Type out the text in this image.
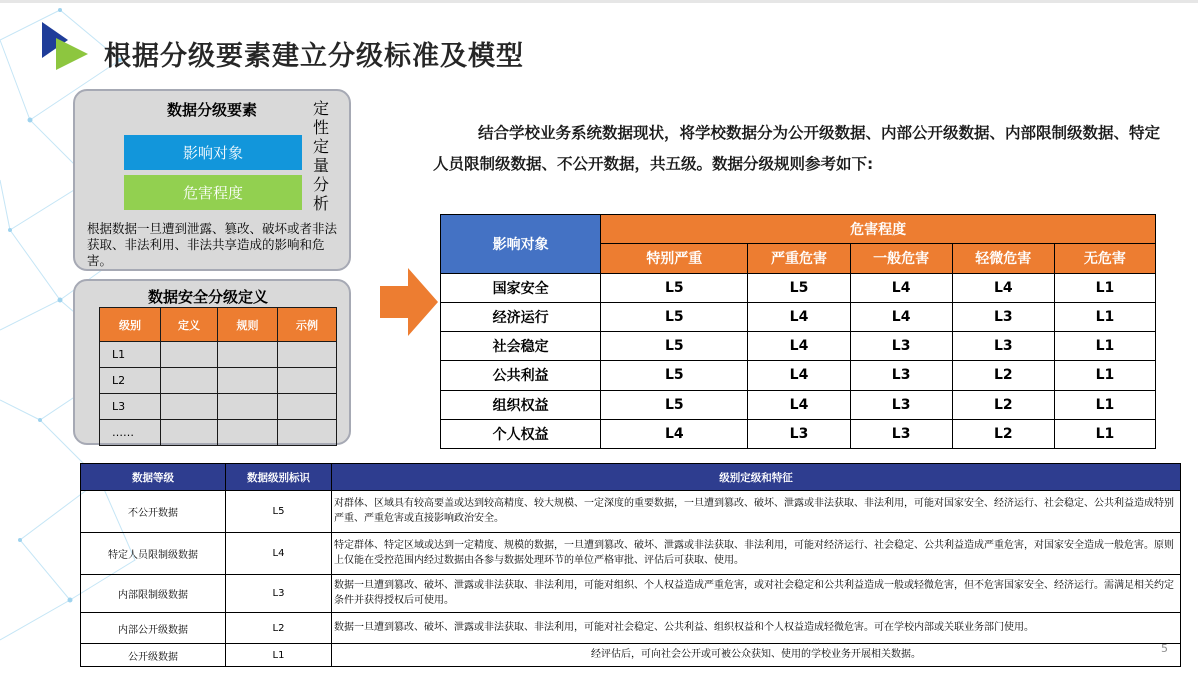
根据分级要素建立分级标准及模型
数据分级要素
影响对象
危害程度
定
性
定
量
分
析
根据数据一旦遭到泄露、篡改、破坏或者非法获取、非法利用、非法共享造成的影响和危害。
数据安全分级定义
级别	定义	规则	示例
L1			
L2			
L3			
……			
结合学校业务系统数据现状，将学校数据分为公开级数据、内部公开级数据、内部限制级数据、特定人员限制级数据、不公开数据，共五级。数据分级规则参考如下:
影响对象	危害程度				
	特别严重	严重危害	一般危害	轻微危害	无危害
国家安全	L5	L5	L4	L4	L1
经济运行	L5	L4	L4	L3	L1
社会稳定	L5	L4	L3	L3	L1
公共利益	L5	L4	L3	L2	L1
组织权益	L5	L4	L3	L2	L1
个人权益	L4	L3	L3	L2	L1
数据等级	数据级别标识	级别定级和特征
不公开数据	L5	对群体、区域具有较高要盖或达到较高精度、较大规模、一定深度的重要数据，一旦遭到篡改、破坏、泄露或非法获取、非法利用，可能对国家安全、经济运行、社会稳定、公共利益造成特别严重、严重危害或直接影响政治安全。
特定人员限制级数据	L4	特定群体、特定区域或达到一定精度、规模的数据，一旦遭到篡改、破坏、泄露或非法获取、非法利用，可能对经济运行、社会稳定、公共利益造成严重危害，对国家安全造成一般危害。原则上仅能在受控范围内经过数据由各参与数据处理环节的单位严格审批、评估后可获取、使用。
内部限制级数据	L3	数据一旦遭到篡改、破坏、泄露或非法获取、非法利用，可能对组织、个人权益造成严重危害，或对社会稳定和公共利益造成一般或轻微危害，但不危害国家安全、经济运行。需满足相关约定条件并获得授权后可使用。
内部公开级数据	L2	数据一旦遭到篡改、破坏、泄露或非法获取、非法利用，可能对社会稳定、公共利益、组织权益和个人权益造成轻微危害。可在学校内部或关联业务部门使用。
公开级数据	L1	经评估后，可向社会公开或可被公众获知、使用的学校业务开展相关数据。	5
